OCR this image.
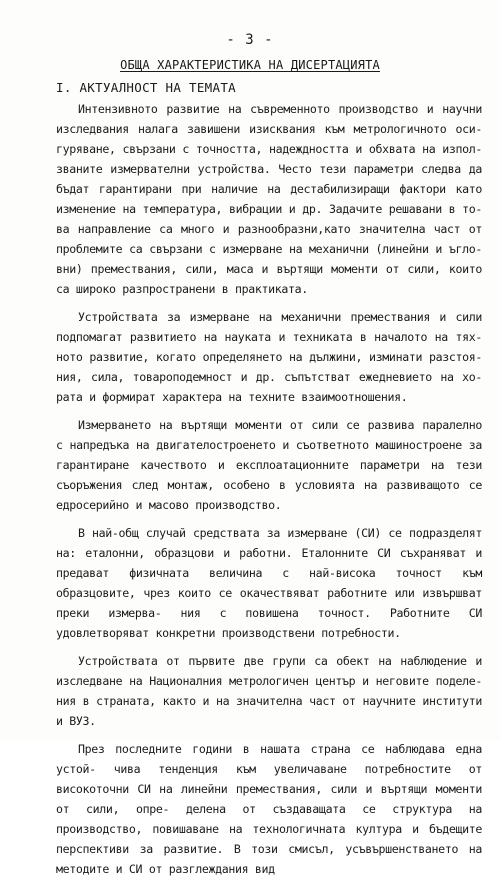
- 3 -
ОБЩА ХАРАКТЕРИСТИКА НА ДИСЕРТАЦИЯТА
I. АКТУАЛНОСТ НА ТЕМАТА

Интензивното развитие на съвременното производство и научни изследвания налага завишени изисквания към метрологичното оси- гуряване, свързани с точността, надеждността и обхвата на изпол- званите измервателни устройства. Често тези параметри следва да бъдат гарантирани при наличие на дестабилизиращи фактори като изменение на температура, вибрации и др. Задачите решавани в то- ва направление са много и разнообразни,като значителна част от проблемите са свързани с измерване на механични (линейни и ъгло- вни) премествания, сили, маса и въртящи моменти от сили, които са широко разпространени в практиката.

Устройствата за измерване на механични премествания и сили подпомагат развитието на науката и техниката в началото на тях- ното развитие, когато определянето на дължини, изминати разстоя- ния, сила, товароподемност и др. съпътстват ежедневието на хо- рата и формират характера на техните взаимоотношения.

Измерването на въртящи моменти от сили се развива паралелно с напредъка на двигателостроенето и съответното машиностроене за гарантиране качеството и експлоатационните параметри на тези съоръжения след монтаж, особено в условията на развиващото се едросерийно и масово производство.

В най-общ случай средствата за измерване (СИ) се подразделят на: еталонни, образцови и работни. Еталонните СИ съхраняват и предават физичната величина с най-висока точност към образцовите, чрез които се окачествяват работните или извършват преки измерва- ния с повишена точност. Работните СИ удовлетворяват конкретни производствени потребности.

Устройствата от първите две групи са обект на наблюдение и изследване на Националния метрологичен център и неговите поделе- ния в страната, както и на значителна част от научните институти и ВУЗ.

През последните години в нашата страна се наблюдава една устой- чива тенденция към увеличаване потребностите от високоточни СИ на линейни премествания, сили и въртящи моменти от сили, опре- делена от създаващата се структура на производство, повишаване на технологичната култура и бъдещите перспективи за развитие. В този смисъл, усъвършенстването на методите и СИ от разглеждания вид
